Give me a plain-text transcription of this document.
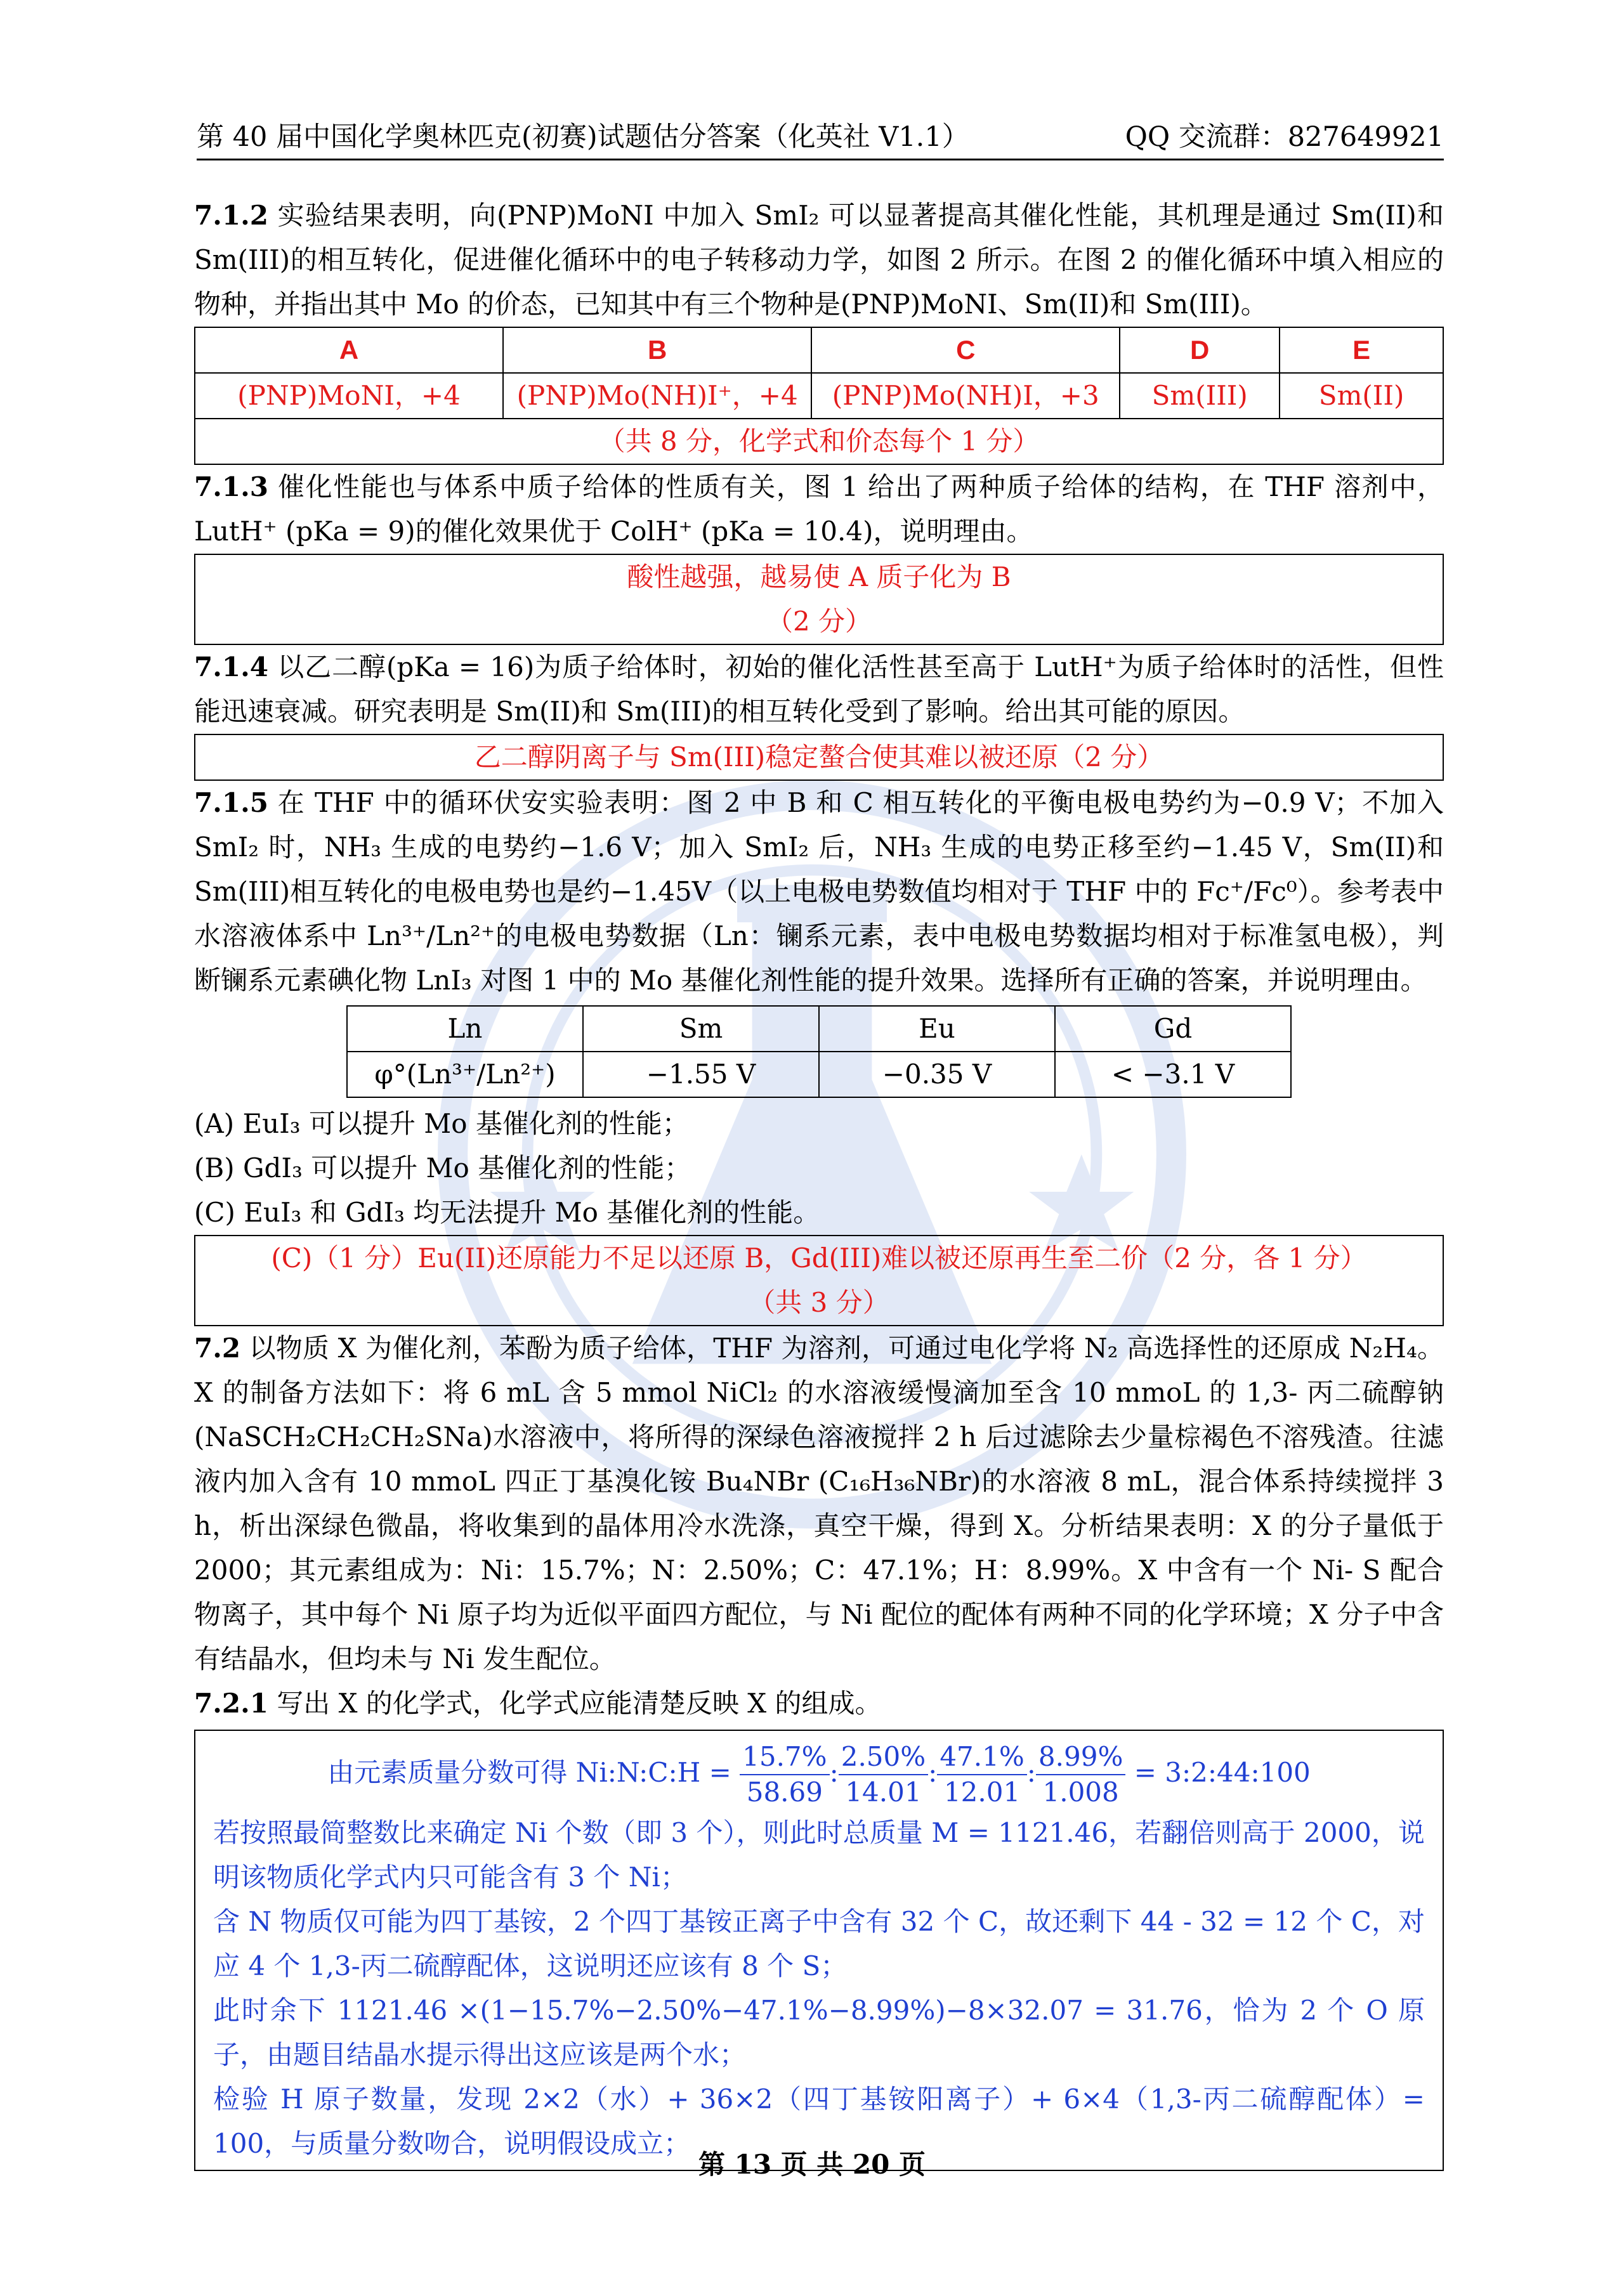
第 40 届中国化学奥林匹克(初赛)试题估分答案（化英社 V1.1）	QQ 交流群：827649921

7.1.2 实验结果表明，向(PNP)MoNI 中加入 SmI₂ 可以显著提高其催化性能，其机理是通过 Sm(II)和Sm(III)的相互转化，促进催化循环中的电子转移动力学，如图 2 所示。在图 2 的催化循环中填入相应的物种，并指出其中 Mo 的价态，已知其中有三个物种是(PNP)MoNI、Sm(II)和 Sm(III)。

A	B	C	D	E
(PNP)MoNI，+4	(PNP)Mo(NH)I⁺，+4	(PNP)Mo(NH)I，+3	Sm(III)	Sm(II)
（共 8 分，化学式和价态每个 1 分）				

7.1.3 催化性能也与体系中质子给体的性质有关，图 1 给出了两种质子给体的结构，在 THF 溶剂中，LutH⁺ (pKa = 9)的催化效果优于 ColH⁺ (pKa = 10.4)，说明理由。

酸性越强，越易使 A 质子化为 B
（2 分）

7.1.4 以乙二醇(pKa = 16)为质子给体时，初始的催化活性甚至高于 LutH⁺为质子给体时的活性，但性能迅速衰减。研究表明是 Sm(II)和 Sm(III)的相互转化受到了影响。给出其可能的原因。

乙二醇阴离子与 Sm(III)稳定螯合使其难以被还原（2 分）

7.1.5 在 THF 中的循环伏安实验表明：图 2 中 B 和 C 相互转化的平衡电极电势约为−0.9 V；不加入SmI₂ 时，NH₃ 生成的电势约−1.6 V；加入 SmI₂ 后，NH₃ 生成的电势正移至约−1.45 V，Sm(II)和 Sm(III)相互转化的电极电势也是约−1.45V（以上电极电势数值均相对于 THF 中的 Fc⁺/Fc⁰）。参考表中水溶液体系中 Ln³⁺/Ln²⁺的电极电势数据（Ln：镧系元素，表中电极电势数据均相对于标准氢电极），判断镧系元素碘化物 LnI₃ 对图 1 中的 Mo 基催化剂性能的提升效果。选择所有正确的答案，并说明理由。

Ln	Sm	Eu	Gd
φ°(Ln³⁺/Ln²⁺)	−1.55 V	−0.35 V	< −3.1 V

(A) EuI₃ 可以提升 Mo 基催化剂的性能；

(B) GdI₃ 可以提升 Mo 基催化剂的性能；

(C) EuI₃ 和 GdI₃ 均无法提升 Mo 基催化剂的性能。

(C)（1 分）Eu(II)还原能力不足以还原 B，Gd(III)难以被还原再生至二价（2 分，各 1 分）
（共 3 分）

7.2 以物质 X 为催化剂，苯酚为质子给体，THF 为溶剂，可通过电化学将 N₂ 高选择性的还原成 N₂H₄。X 的制备方法如下：将 6 mL 含 5 mmol NiCl₂ 的水溶液缓慢滴加至含 10 mmoL 的 1,3- 丙二硫醇钠(NaSCH₂CH₂CH₂SNa)水溶液中，将所得的深绿色溶液搅拌 2 h 后过滤除去少量棕褐色不溶残渣。往滤液内加入含有 10 mmoL 四正丁基溴化铵 Bu₄NBr (C₁₆H₃₆NBr)的水溶液 8 mL，混合体系持续搅拌 3 h，析出深绿色微晶，将收集到的晶体用冷水洗涤，真空干燥，得到 X。分析结果表明：X 的分子量低于 2000；其元素组成为：Ni：15.7%；N：2.50%；C：47.1%；H：8.99%。X 中含有一个 Ni- S 配合物离子，其中每个 Ni 原子均为近似平面四方配位，与 Ni 配位的配体有两种不同的化学环境；X 分子中含有结晶水，但均未与 Ni 发生配位。

7.2.1 写出 X 的化学式，化学式应能清楚反映 X 的组成。

由元素质量分数可得 Ni:N:C:H = $\frac{15.7\%}{58.69}$ : $\frac{2.50\%}{14.01}$ : $\frac{47.1\%}{12.01}$ : $\frac{8.99\%}{1.008}$ = 3:2:44:100

若按照最简整数比来确定 Ni 个数（即 3 个），则此时总质量 M = 1121.46，若翻倍则高于 2000，说明该物质化学式内只可能含有 3 个 Ni；

含 N 物质仅可能为四丁基铵，2 个四丁基铵正离子中含有 32 个 C，故还剩下 44 - 32 = 12 个 C，对应 4 个 1,3-丙二硫醇配体，这说明还应该有 8 个 S；

此时余下 1121.46 ×(1−15.7%−2.50%−47.1%−8.99%)−8×32.07 = 31.76，恰为 2 个 O 原子，由题目结晶水提示得出这应该是两个水；

检验 H 原子数量，发现 2×2（水）+ 36×2（四丁基铵阳离子）+ 6×4（1,3-丙二硫醇配体）= 100，与质量分数吻合，说明假设成立；

第 13 页 共 20 页
